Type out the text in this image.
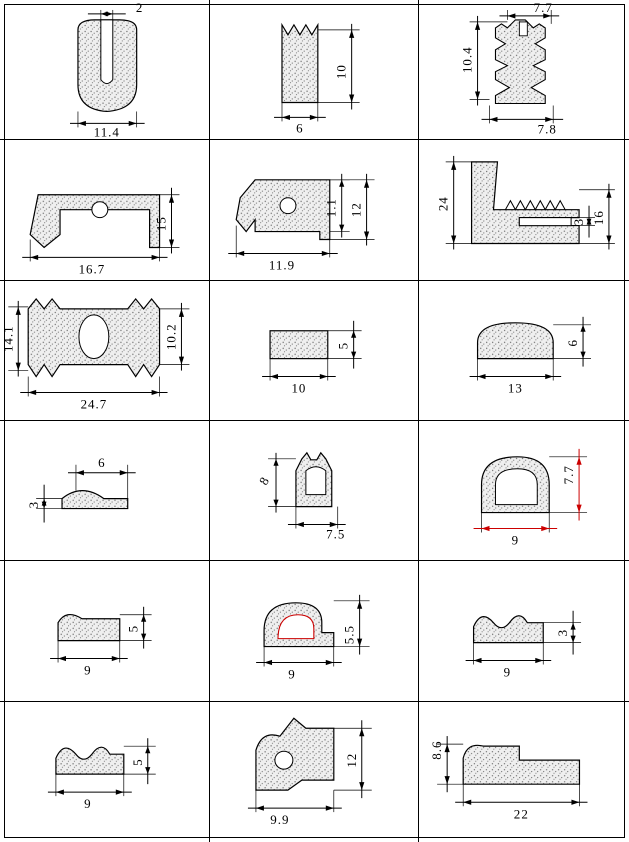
2
11.4
10
6
7.7
10.4
7.8
15
16.7
1.1 12
11.9
24
3 16
14.1	10.2
24.7
5
10
6
13
6
3
8
7.5
7.7
9
5
9
5.5
9
3
9
5
9
12
9.9
8.6
22
